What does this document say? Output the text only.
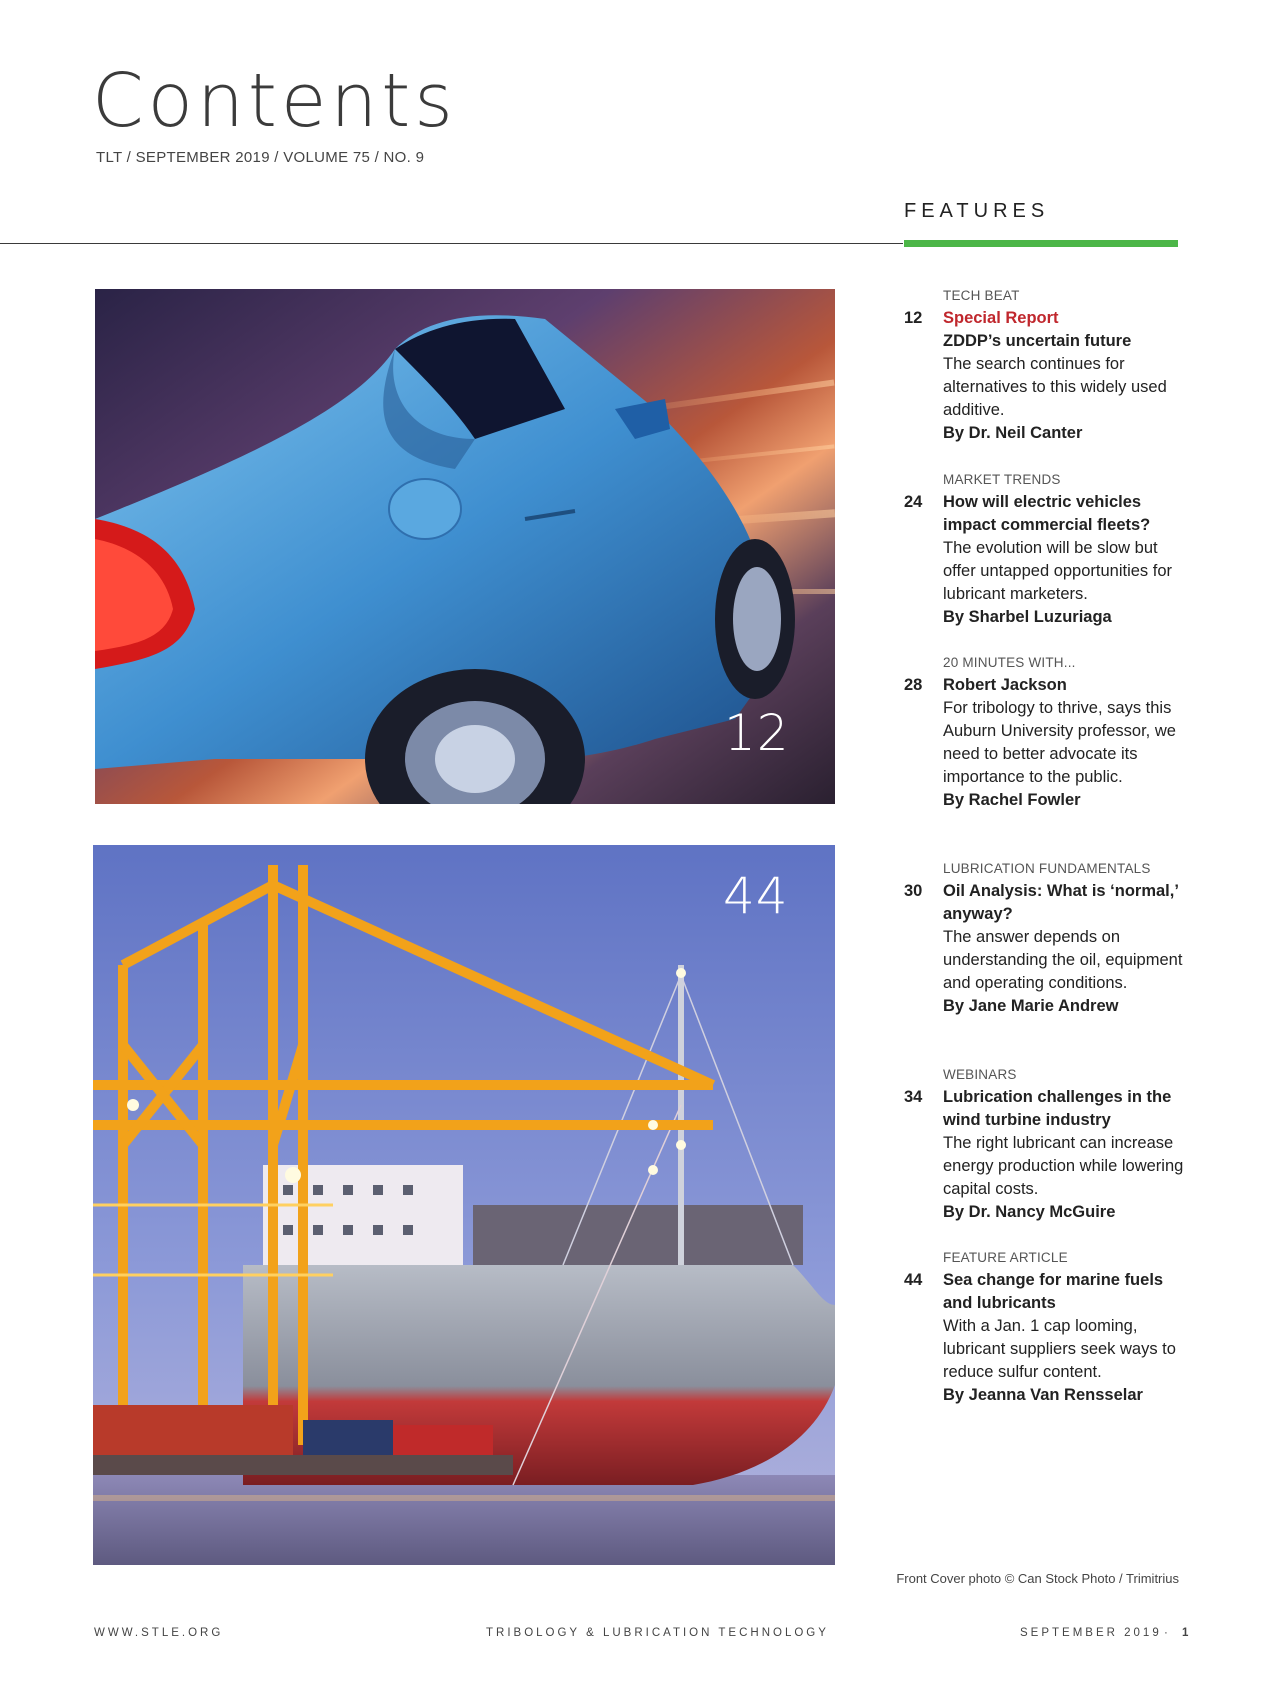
Contents
TLT / SEPTEMBER 2019 / VOLUME 75 / NO. 9
FEATURES
12
44
TECH BEAT
12	Special Report
ZDDP’s uncertain future
The search continues for alternatives to this widely used additive.
By Dr. Neil Canter
MARKET TRENDS
24	How will electric vehicles impact commercial fleets?
The evolution will be slow but offer untapped opportunities for lubricant marketers.
By Sharbel Luzuriaga
20 MINUTES WITH...
28	Robert Jackson
For tribology to thrive, says this Auburn University professor, we need to better advocate its importance to the public.
By Rachel Fowler
LUBRICATION FUNDAMENTALS
30	Oil Analysis: What is ‘normal,’ anyway?
The answer depends on understanding the oil, equipment and operating conditions.
By Jane Marie Andrew
WEBINARS
34	Lubrication challenges in the wind turbine industry
The right lubricant can increase energy production while lowering capital costs.
By Dr. Nancy McGuire
FEATURE ARTICLE
44	Sea change for marine fuels and lubricants
With a Jan. 1 cap looming, lubricant suppliers seek ways to reduce sulfur content.
By Jeanna Van Rensselar
Front Cover photo © Can Stock Photo / Trimitrius
WWW.STLE.ORG	TRIBOLOGY & LUBRICATION TECHNOLOGY	SEPTEMBER 2019 · 1
